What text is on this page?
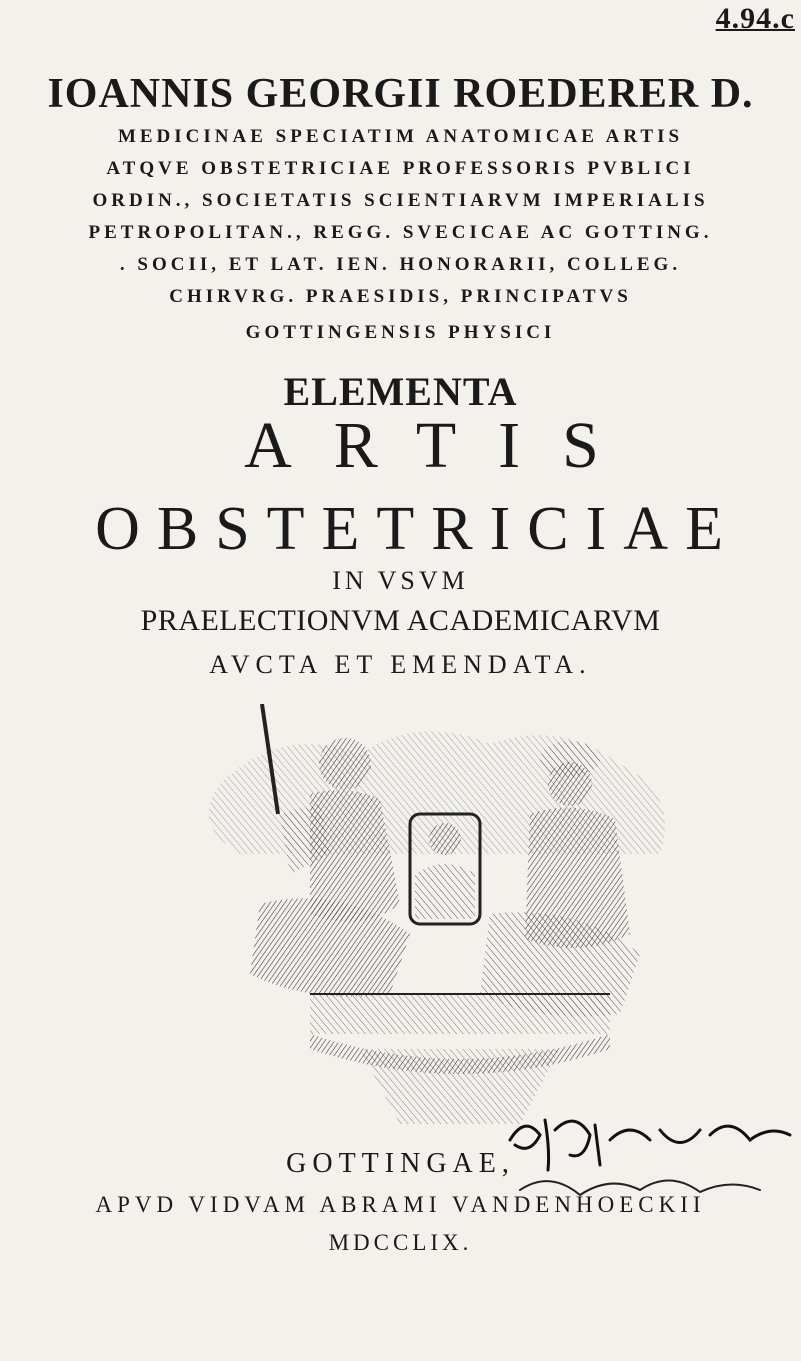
4.94.c
IOANNIS GEORGII ROEDERER D.
MEDICINAE SPECIATIM ANATOMICAE ARTIS
ATQVE OBSTETRICIAE PROFESSORIS PVBLICI
ORDIN., SOCIETATIS SCIENTIARVM IMPERIALIS
PETROPOLITAN., REGG. SVECICAE AC GOTTING.
. SOCII, ET LAT. IEN. HONORARII, COLLEG.
CHIRVRG. PRAESIDIS, PRINCIPATVS
GOTTINGENSIS PHYSICI
ELEMENTA
ARTIS
OBSTETRICIAE
IN VSVM
PRAELECTIONVM ACADEMICARVM
AVCTA ET EMENDATA.
GOTTINGAE,
APVD VIDVAM ABRAMI VANDENHOECKII
MDCCLIX.
